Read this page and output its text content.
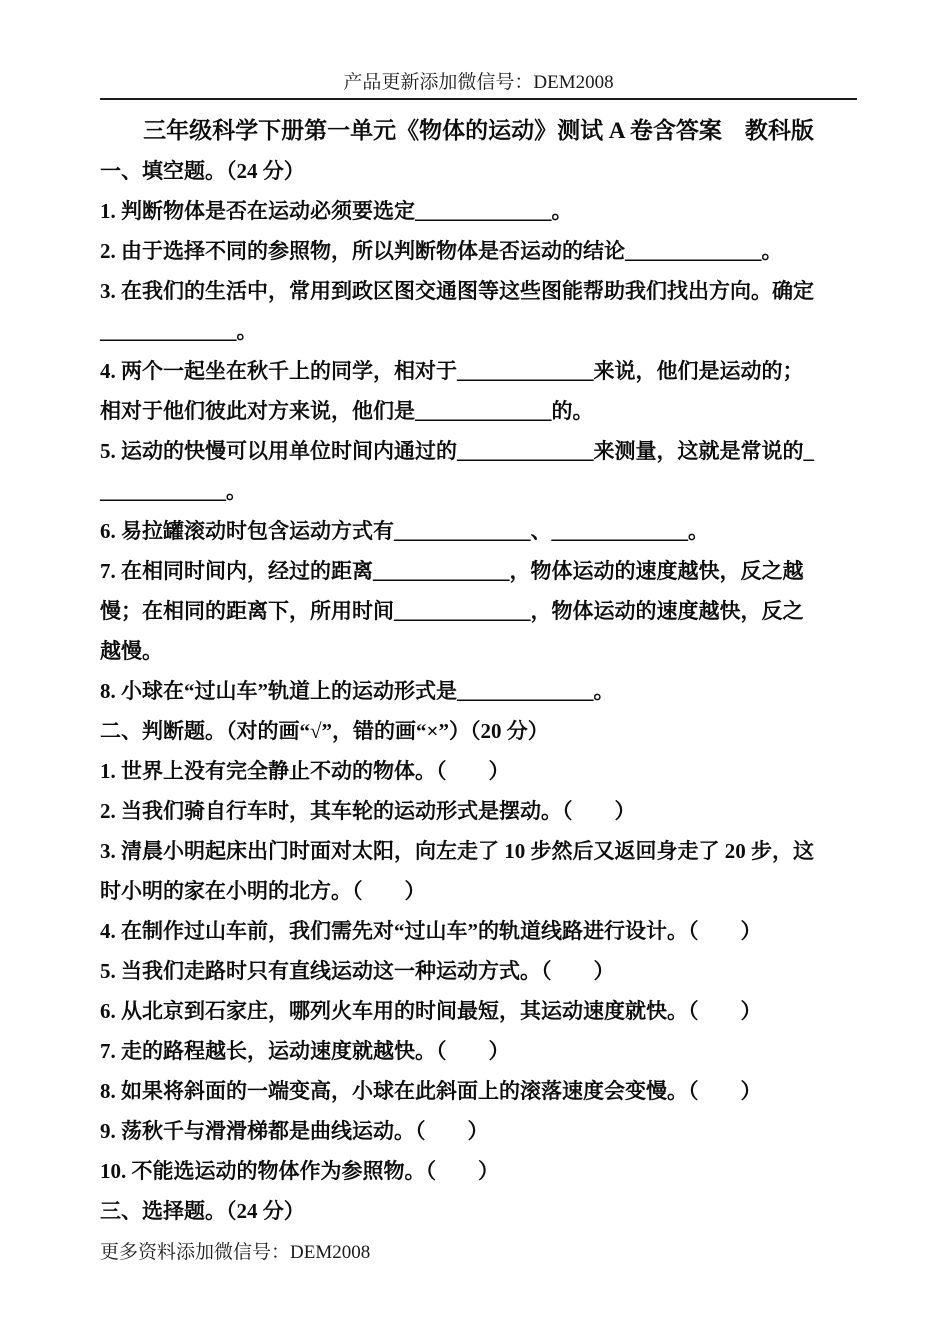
产品更新添加微信号：DEM2008
三年级科学下册第一单元《物体的运动》测试 A 卷含答案　教科版
一、填空题。（24 分）
1. 判断物体是否在运动必须要选定_____________。
2. 由于选择不同的参照物，所以判断物体是否运动的结论_____________。
3. 在我们的生活中，常用到政区图交通图等这些图能帮助我们找出方向。确定
_____________。
4. 两个一起坐在秋千上的同学，相对于_____________来说，他们是运动的；
相对于他们彼此对方来说，他们是_____________的。
5. 运动的快慢可以用单位时间内通过的_____________来测量，这就是常说的_
____________。
6. 易拉罐滚动时包含运动方式有_____________、_____________。
7. 在相同时间内，经过的距离_____________，物体运动的速度越快，反之越
慢；在相同的距离下，所用时间_____________，物体运动的速度越快，反之
越慢。
8. 小球在“过山车”轨道上的运动形式是_____________。
二、判断题。（对的画“√”，错的画“×”）（20 分）
1. 世界上没有完全静止不动的物体。（　　）
2. 当我们骑自行车时，其车轮的运动形式是摆动。（　　）
3. 清晨小明起床出门时面对太阳，向左走了 10 步然后又返回身走了 20 步，这
时小明的家在小明的北方。（　　）
4. 在制作过山车前，我们需先对“过山车”的轨道线路进行设计。（　　）
5. 当我们走路时只有直线运动这一种运动方式。（　　）
6. 从北京到石家庄，哪列火车用的时间最短，其运动速度就快。（　　）
7. 走的路程越长，运动速度就越快。（　　）
8. 如果将斜面的一端变高，小球在此斜面上的滚落速度会变慢。（　　）
9. 荡秋千与滑滑梯都是曲线运动。（　　）
10. 不能选运动的物体作为参照物。（　　）
三、选择题。（24 分）
更多资料添加微信号：DEM2008
